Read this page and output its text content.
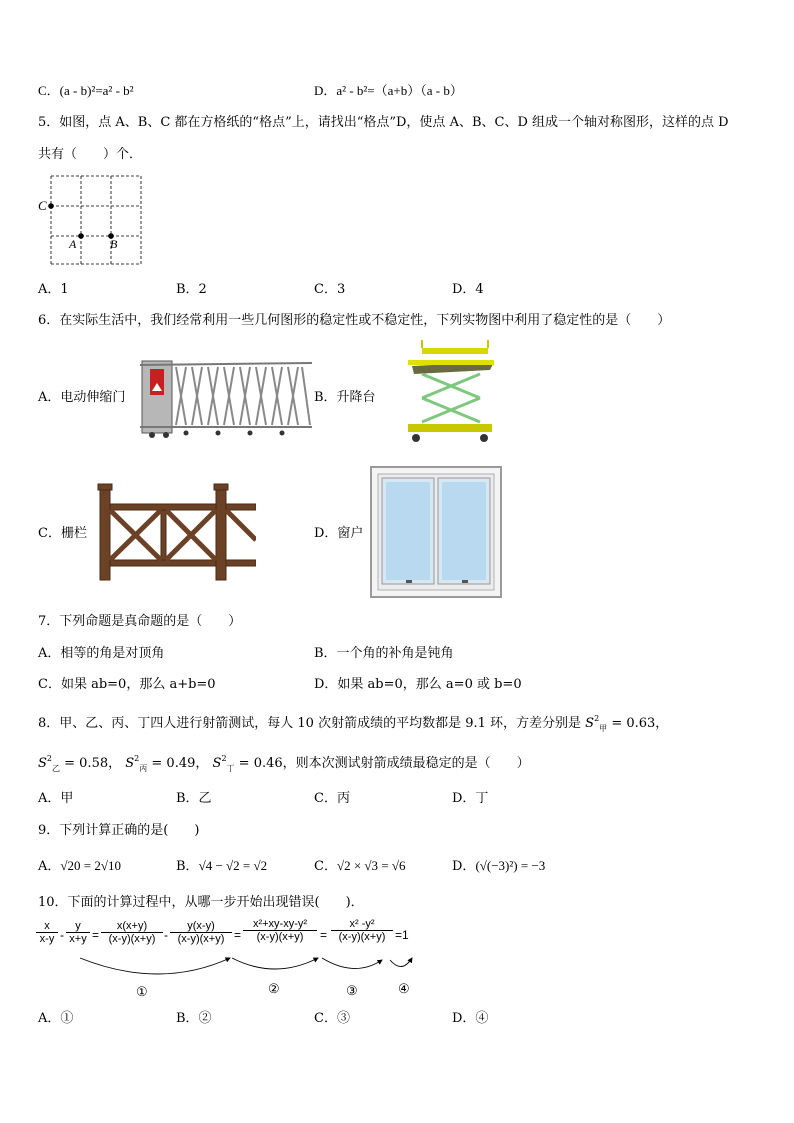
C．(a - b)²=a² - b²	D．a² - b²=（a+b）（a - b）
5．如图，点 A、B、C 都在方格纸的“格点”上，请找出“格点”D，使点 A、B、C、D 组成一个轴对称图形，这样的点 D
共有（　　）个．
C
A	B
A．1	B．2	C．3	D．4
6．在实际生活中，我们经常利用一些几何图形的稳定性或不稳定性，下列实物图中利用了稳定性的是（　　）
A．电动伸缩门	B．升降台
C．栅栏	D．窗户
7．下列命题是真命题的是（　　）
A．相等的角是对顶角	B．一个角的补角是钝角
C．如果 ab=0，那么 a+b=0	D．如果 ab=0，那么 a=0 或 b=0
8．甲、乙、丙、丁四人进行射箭测试，每人 10 次射箭成绩的平均数都是 9.1 环，方差分别是 $S^2_甲 = 0.63$，
$S^2_乙 = 0.58$， $S^2_丙 = 0.49$， $S^2_丁 = 0.46$，则本次测试射箭成绩最稳定的是（　　）
A．甲	B．乙	C．丙	D．丁
9．下列计算正确的是(　　)
A．√20 = 2√10	B．√4 − √2 = √2	C．√2 × √3 = √6	D．(√(−3)²) = −3
10．下面的计算过程中，从哪一步开始出现错误(　　)．
$\frac{x}{x-y} - \frac{y}{x+y} = \frac{x(x+y)}{(x-y)(x+y)} - \frac{y(x-y)}{(x-y)(x+y)} = \frac{\text{x²+xy-xy-y²}}{(x-y)(x+y)} = \frac{\text{x² -y²}}{(x-y)(x+y)} =1$
①	②	③	④
A．①	B．②	C．③	D．④
